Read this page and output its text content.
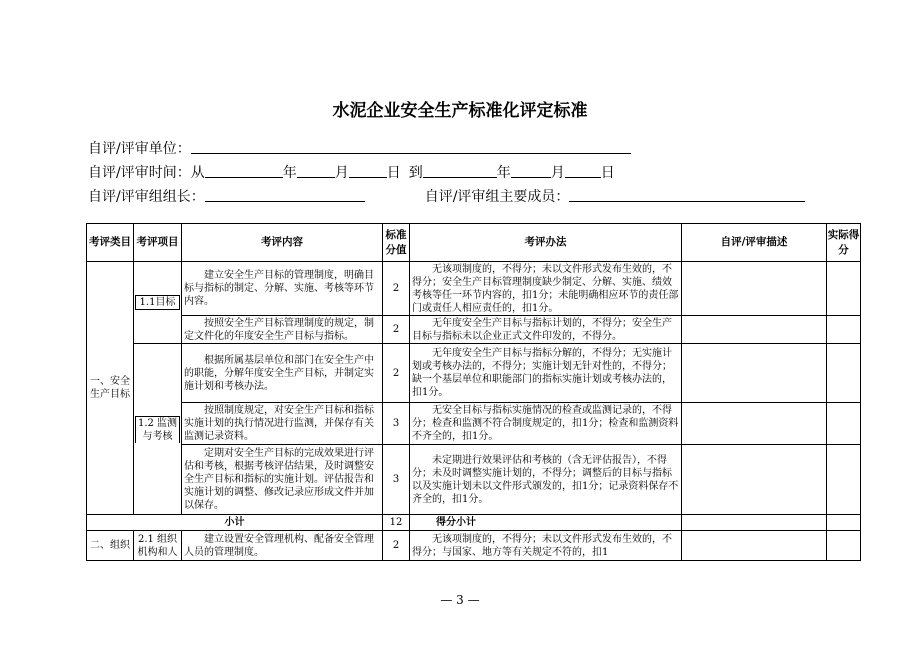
水泥企业安全生产标准化评定标准
自评/评审单位：
自评/评审时间：从	年	月	日 到	年	月	日
自评/评审组组长：	自评/评审组主要成员：
考评类目	考评项目	考评内容	标准分值	考评办法	自评/评审描述	实际得分
一、安全生产目标	1.1目标	建立安全生产目标的管理制度，明确目标与指标的制定、分解、实施、考核等环节内容。	2	无该项制度的，不得分；未以文件形式发布生效的，不得分；安全生产目标管理制度缺少制定、分解、实施、绩效考核等任一环节内容的，扣1分；未能明确相应环节的责任部门或责任人相应责任的，扣1分。		
		按照安全生产目标管理制度的规定，制定文件化的年度安全生产目标与指标。	2	无年度安全生产目标与指标计划的，不得分；安全生产目标与指标未以企业正式文件印发的，不得分。		

	1.2 监测与考核	根据所属基层单位和部门在安全生产中的职能，分解年度安全生产目标，并制定实施计划和考核办法。	2	无年度安全生产目标与指标分解的，不得分；无实施计划或考核办法的，不得分；实施计划无针对性的，不得分；缺一个基层单位和职能部门的指标实施计划或考核办法的，扣1分。		
		按照制度规定，对安全生产目标和指标实施计划的执行情况进行监测，并保存有关监测记录资料。	3	无安全目标与指标实施情况的检查或监测记录的，不得分；检查和监测不符合制度规定的，扣1分；检查和监测资料不齐全的，扣1分。		
		定期对安全生产目标的完成效果进行评估和考核，根据考核评估结果，及时调整安全生产目标和指标的实施计划。评估报告和实施计划的调整、修改记录应形成文件并加以保存。	3	未定期进行效果评估和考核的（含无评估报告），不得分；未及时调整实施计划的，不得分；调整后的目标与指标以及实施计划未以文件形式颁发的，扣1分；记录资料保存不齐全的，扣1分。		
小计			12	得分小计		
二、组织	2.1 组织机构和人	建立设置安全管理机构、配备安全管理人员的管理制度。	2	无该项制度的，不得分；未以文件形式发布生效的，不得分；与国家、地方等有关规定不符的，扣1		
— 3 —
